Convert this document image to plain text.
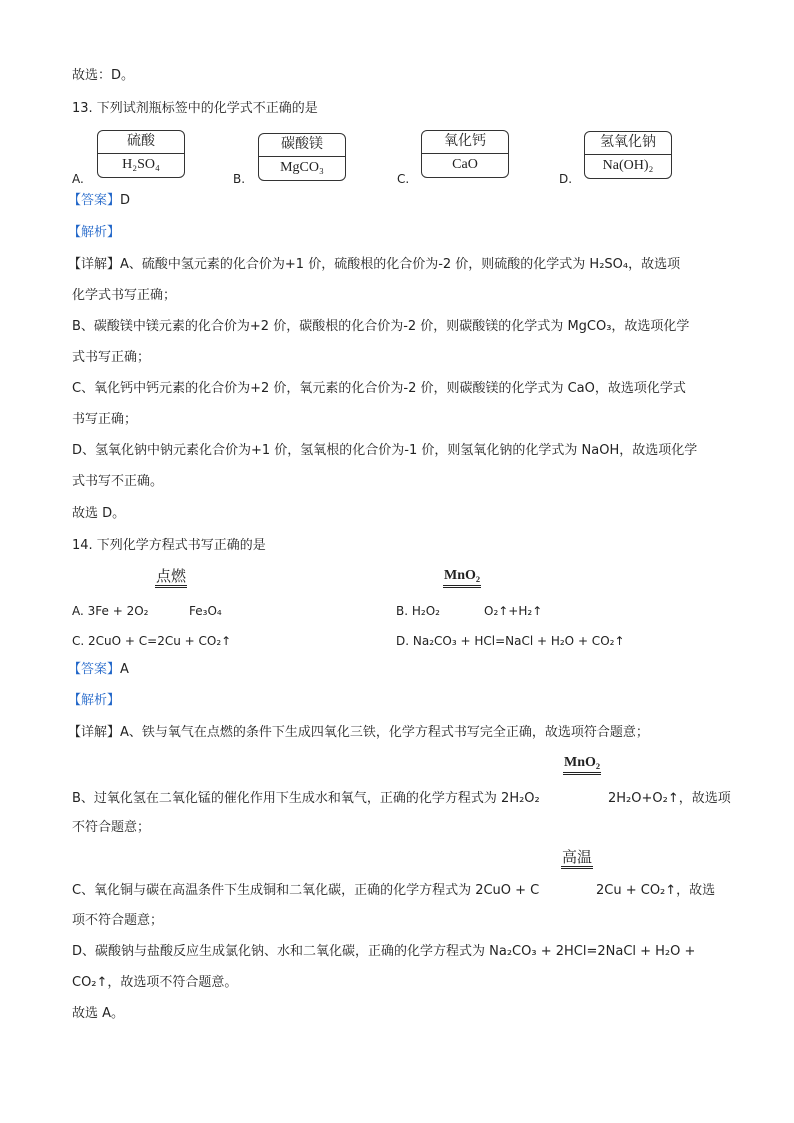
故选：D。
13. 下列试剂瓶标签中的化学式不正确的是
A.
硫酸
H₂SO₄
B.
碳酸镁
MgCO₃
C.
氧化钙
CaO
D.
氢氧化钠
Na(OH)₂
【答案】D
【解析】
【详解】A、硫酸中氢元素的化合价为+1 价，硫酸根的化合价为-2 价，则硫酸的化学式为 H₂SO₄，故选项
化学式书写正确；
B、碳酸镁中镁元素的化合价为+2 价，碳酸根的化合价为-2 价，则碳酸镁的化学式为 MgCO₃，故选项化学
式书写正确；
C、氧化钙中钙元素的化合价为+2 价，氧元素的化合价为-2 价，则碳酸镁的化学式为 CaO，故选项化学式
书写正确；
D、氢氧化钠中钠元素化合价为+1 价，氢氧根的化合价为-1 价，则氢氧化钠的化学式为 NaOH，故选项化学
式书写不正确。
故选 D。
14. 下列化学方程式书写正确的是
点燃	MnO₂
A. 3Fe + 2O₂	Fe₃O₄	B. H₂O₂	O₂↑+H₂↑
C. 2CuO + C=2Cu + CO₂↑	D. Na₂CO₃ + HCl=NaCl + H₂O + CO₂↑
【答案】A
【解析】
【详解】A、铁与氧气在点燃的条件下生成四氧化三铁，化学方程式书写完全正确，故选项符合题意；
MnO₂
B、过氧化氢在二氧化锰的催化作用下生成水和氧气，正确的化学方程式为 2H₂O₂	2H₂O+O₂↑，故选项
不符合题意；
高温
C、氧化铜与碳在高温条件下生成铜和二氧化碳，正确的化学方程式为 2CuO + C	2Cu + CO₂↑，故选
项不符合题意；
D、碳酸钠与盐酸反应生成氯化钠、水和二氧化碳，正确的化学方程式为 Na₂CO₃ + 2HCl=2NaCl + H₂O +
CO₂↑，故选项不符合题意。
故选 A。
